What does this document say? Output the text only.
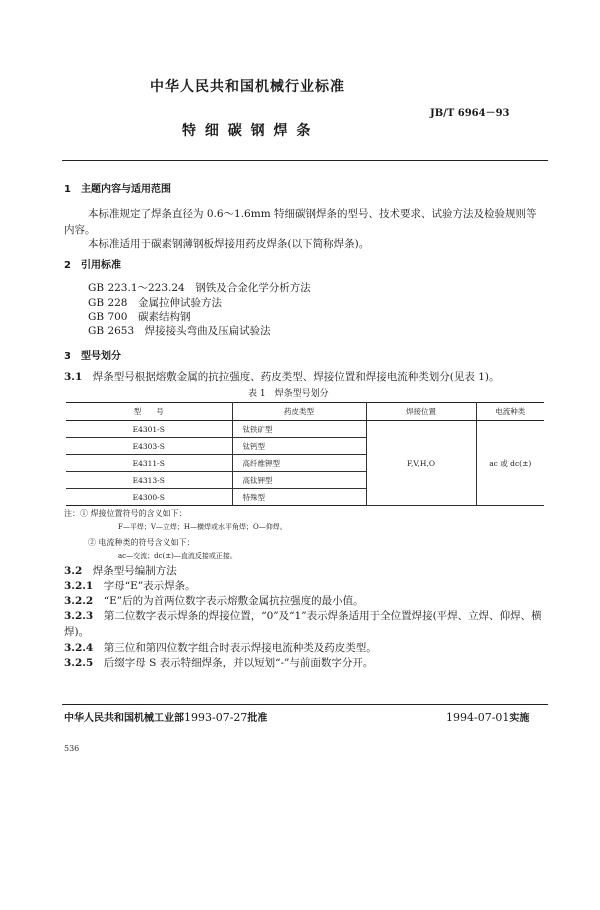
中华人民共和国机械行业标准
JB/T 6964－93
特 细 碳 钢 焊 条
1　主题内容与适用范围
本标准规定了焊条直径为 0.6～1.6mm 特细碳钢焊条的型号、技术要求、试验方法及检验规则等
内容。
本标准适用于碳素钢薄钢板焊接用药皮焊条(以下简称焊条)。
2　引用标准
GB 223.1～223.24　 钢铁及合金化学分析方法
GB 228　 金属拉伸试验方法
GB 700　 碳素结构钢
GB 2653　 焊接接头弯曲及压扁试验法
3　型号划分
3.1　 焊条型号根据熔敷金属的抗拉强度、药皮类型、焊接位置和焊接电流种类划分(见表 1)。
表 1　焊条型号划分
型　　号	药皮类型	焊接位置	电流种类
E4301-S	钛铁矿型	F,V,H,O	ac 或 dc(±)
E4303-S	钛钙型		
E4311-S	高纤维钾型		
E4313-S	高钛钾型		
E4300-S	特殊型		
注：① 焊接位置符号的含义如下：
F—平焊；V—立焊；H—横焊或水平角焊；O—仰焊。
② 电流种类的符号含义如下：
ac—交流；dc(±)—直流反接或正接。
3.2　 焊条型号编制方法
3.2.1　 字母“E”表示焊条。
3.2.2　 “E”后的为首两位数字表示熔敷金属抗拉强度的最小值。
3.2.3　 第二位数字表示焊条的焊接位置，“0”及“1”表示焊条适用于全位置焊接(平焊、立焊、仰焊、横
焊)。
3.2.4　 第三位和第四位数字组合时表示焊接电流种类及药皮类型。
3.2.5　 后缀字母 S 表示特细焊条，并以短划“-”与前面数字分开。
中华人民共和国机械工业部1993-07-27批准	1994-07-01实施
536
